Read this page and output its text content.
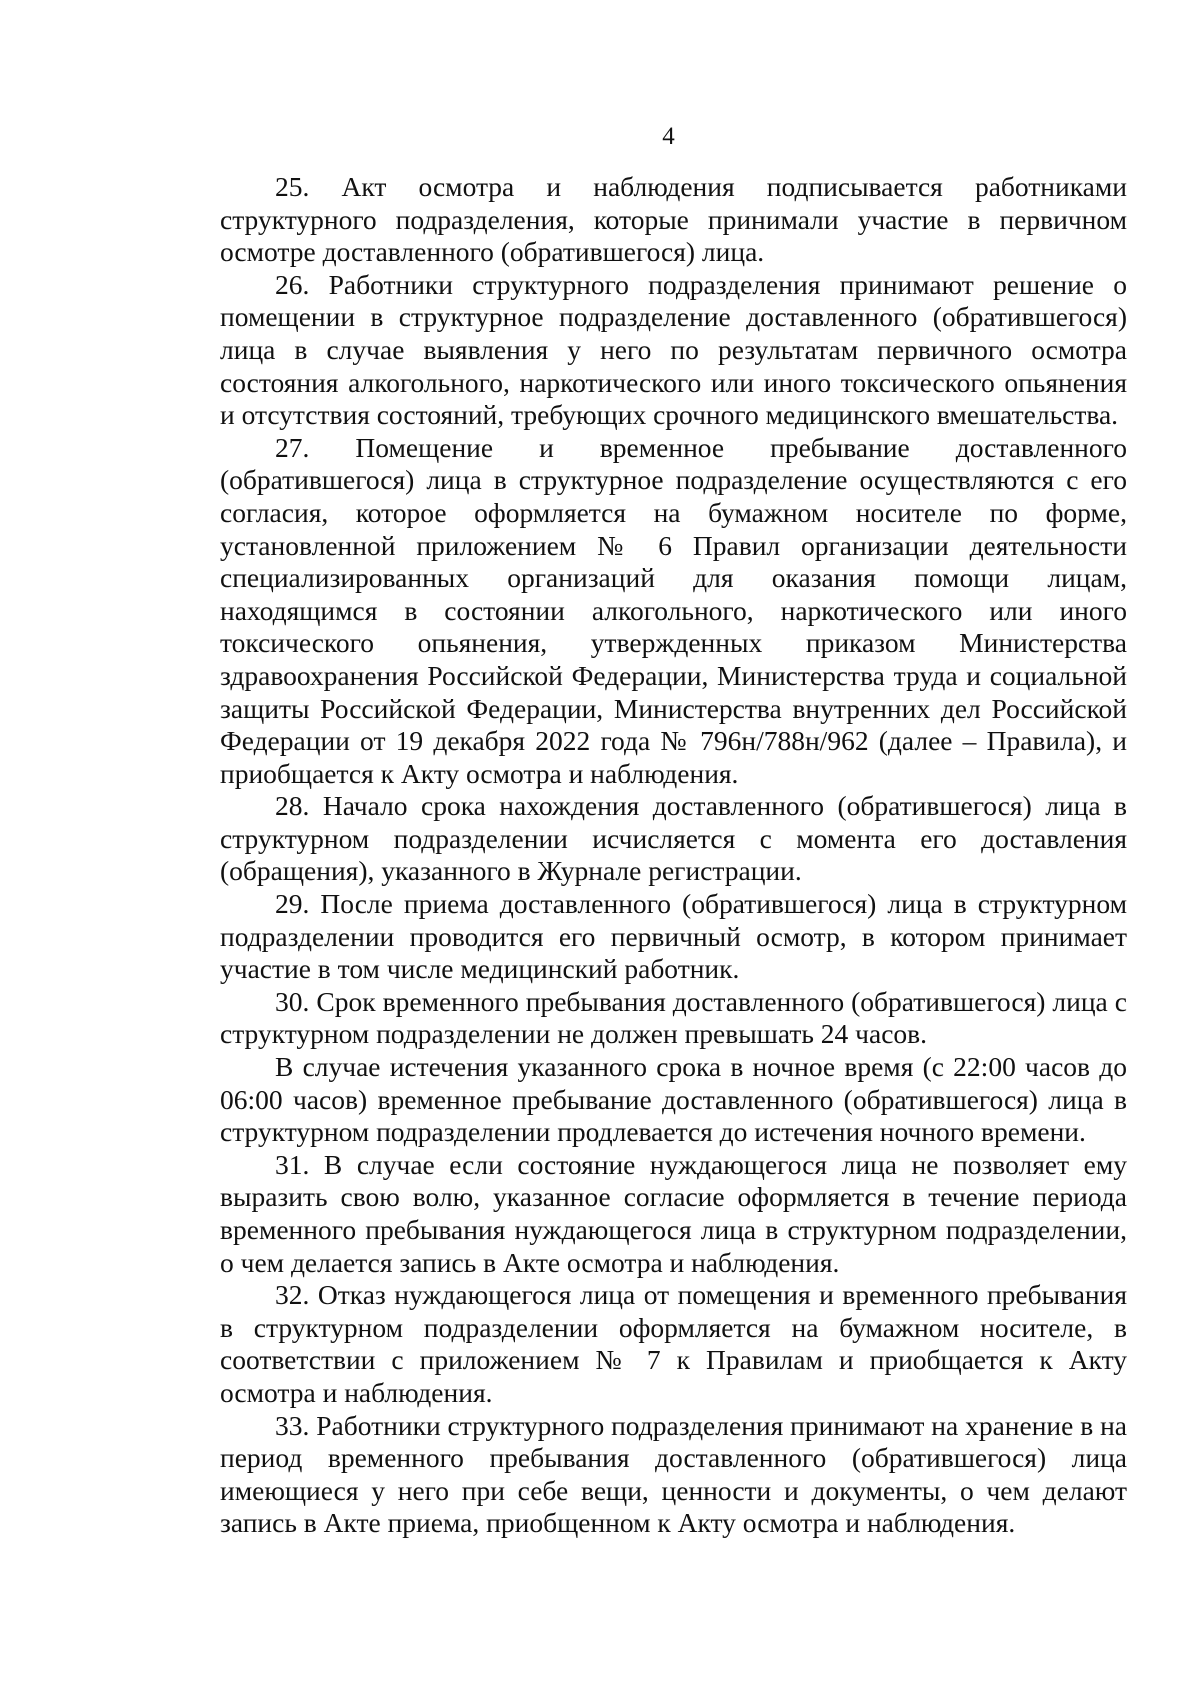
4

25. Акт осмотра и наблюдения подписывается работниками структурного подразделения, которые принимали участие в первичном осмотре доставленного (обратившегося) лица.

26. Работники структурного подразделения принимают решение о помещении в структурное подразделение доставленного (обратившегося) лица в случае выявления у него по результатам первичного осмотра состояния алкогольного, наркотического или иного токсического опьянения и отсутствия состояний, требующих срочного медицинского вмешательства.

27. Помещение и временное пребывание доставленного (обратившегося) лица в структурное подразделение осуществляются с его согласия, которое оформляется на бумажном носителе по форме, установленной приложением № 6 Правил организации деятельности специализированных организаций для оказания помощи лицам, находящимся в состоянии алкогольного, наркотического или иного токсического опьянения, утвержденных приказом Министерства здравоохранения Российской Федерации, Министерства труда и социальной защиты Российской Федерации, Министерства внутренних дел Российской Федерации от 19 декабря 2022 года № 796н/788н/962 (далее – Правила), и приобщается к Акту осмотра и наблюдения.

28. Начало срока нахождения доставленного (обратившегося) лица в структурном подразделении исчисляется с момента его доставления (обращения), указанного в Журнале регистрации.

29. После приема доставленного (обратившегося) лица в структурном подразделении проводится его первичный осмотр, в котором принимает участие в том числе медицинский работник.

30. Срок временного пребывания доставленного (обратившегося) лица с структурном подразделении не должен превышать 24 часов.

В случае истечения указанного срока в ночное время (с 22:00 часов до 06:00 часов) временное пребывание доставленного (обратившегося) лица в структурном подразделении продлевается до истечения ночного времени.

31. В случае если состояние нуждающегося лица не позволяет ему выразить свою волю, указанное согласие оформляется в течение периода временного пребывания нуждающегося лица в структурном подразделении, о чем делается запись в Акте осмотра и наблюдения.

32. Отказ нуждающегося лица от помещения и временного пребывания в структурном подразделении оформляется на бумажном носителе, в соответствии с приложением № 7 к Правилам и приобщается к Акту осмотра и наблюдения.

33. Работники структурного подразделения принимают на хранение в на период временного пребывания доставленного (обратившегося) лица имеющиеся у него при себе вещи, ценности и документы, о чем делают запись в Акте приема, приобщенном к Акту осмотра и наблюдения.
